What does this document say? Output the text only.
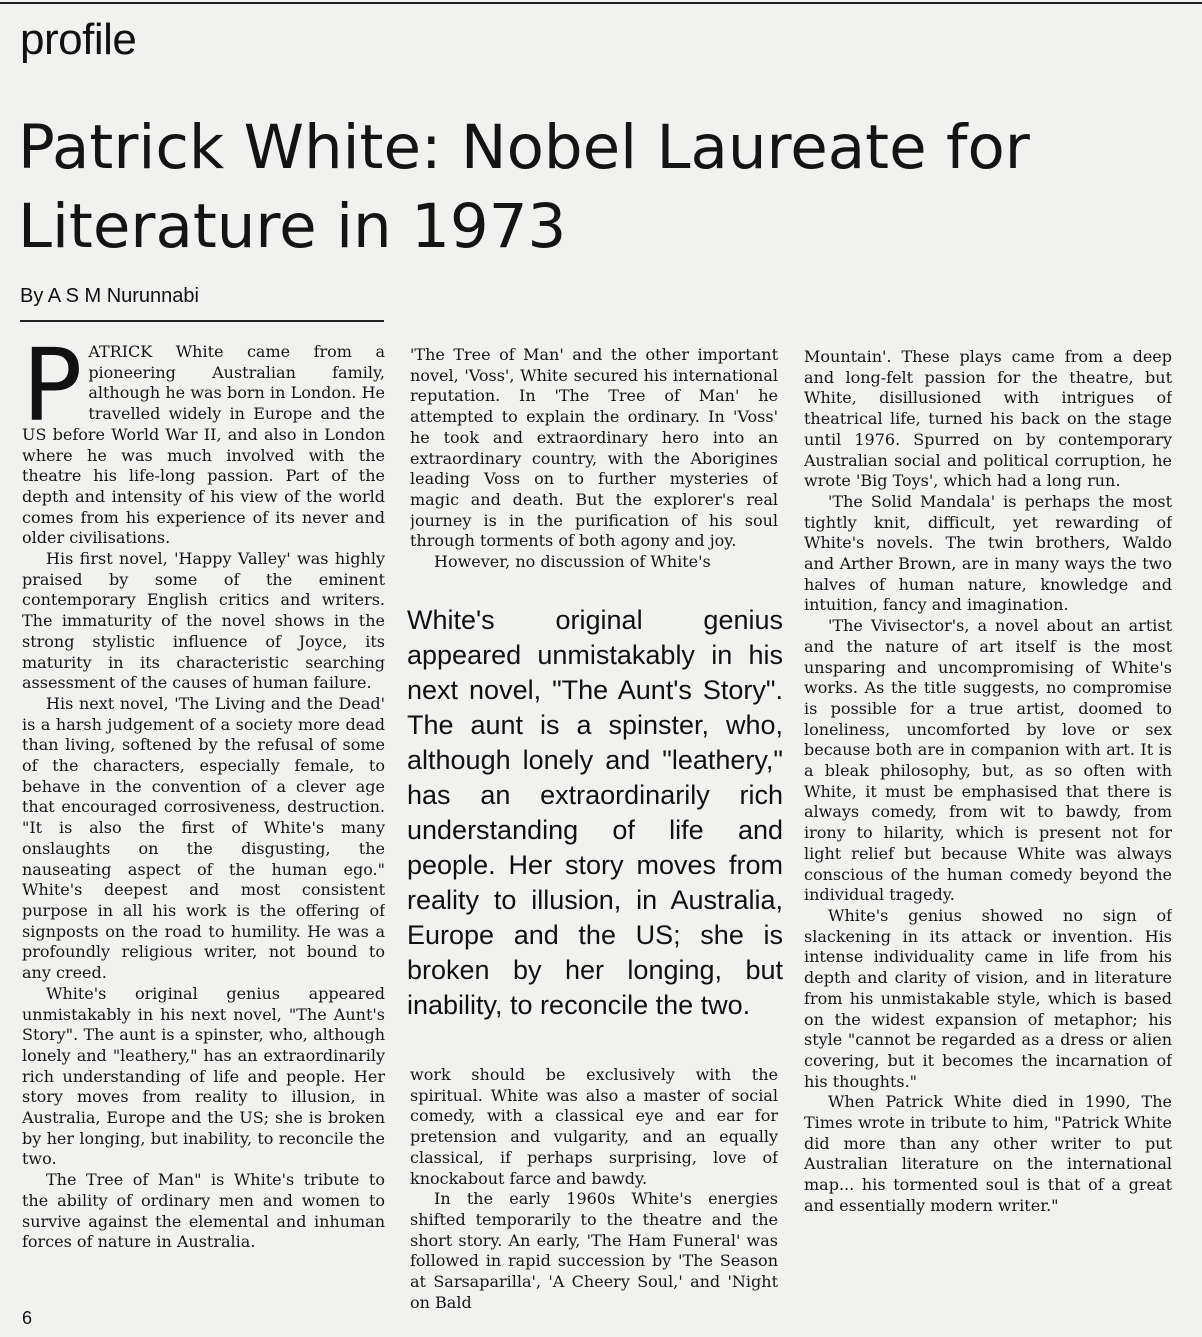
profile
Patrick White: Nobel Laureate for Literature in 1973
By A S M Nurunnabi

PATRICK White came from a pioneering Australian family, although he was born in London. He travelled widely in Europe and the US before World War II, and also in London where he was much involved with the theatre his life-long passion. Part of the depth and intensity of his view of the world comes from his experience of its never and older civilisations.

His first novel, 'Happy Valley' was highly praised by some of the eminent contemporary English critics and writers. The immaturity of the novel shows in the strong stylistic influence of Joyce, its maturity in its characteristic searching assessment of the causes of human failure.

His next novel, 'The Living and the Dead' is a harsh judgement of a society more dead than living, softened by the refusal of some of the characters, especially female, to behave in the convention of a clever age that encouraged corrosiveness, destruction. "It is also the first of White's many onslaughts on the disgusting, the nauseating aspect of the human ego." White's deepest and most consistent purpose in all his work is the offering of signposts on the road to humility. He was a profoundly religious writer, not bound to any creed.

White's original genius appeared unmistakably in his next novel, "The Aunt's Story". The aunt is a spinster, who, although lonely and "leathery," has an extraordinarily rich understanding of life and people. Her story moves from reality to illusion, in Australia, Europe and the US; she is broken by her longing, but inability, to reconcile the two.

The Tree of Man" is White's tribute to the ability of ordinary men and women to survive against the elemental and inhuman forces of nature in Australia.

'The Tree of Man' and the other important novel, 'Voss', White secured his international reputation. In 'The Tree of Man' he attempted to explain the ordinary. In 'Voss' he took and extraordinary hero into an extraordinary country, with the Aborigines leading Voss on to further mysteries of magic and death. But the explorer's real journey is in the purification of his soul through torments of both agony and joy.

However, no discussion of White's

White's original genius appeared unmistakably in his next novel, "The Aunt's Story". The aunt is a spinster, who, although lonely and "leathery," has an extraordinarily rich understanding of life and people. Her story moves from reality to illusion, in Australia, Europe and the US; she is broken by her longing, but inability, to reconcile the two.

work should be exclusively with the spiritual. White was also a master of social comedy, with a classical eye and ear for pretension and vulgarity, and an equally classical, if perhaps surprising, love of knockabout farce and bawdy.

In the early 1960s White's energies shifted temporarily to the theatre and the short story. An early, 'The Ham Funeral' was followed in rapid succession by 'The Season at Sarsaparilla', 'A Cheery Soul,' and 'Night on Bald

Mountain'. These plays came from a deep and long-felt passion for the theatre, but White, disillusioned with intrigues of theatrical life, turned his back on the stage until 1976. Spurred on by contemporary Australian social and political corruption, he wrote 'Big Toys', which had a long run.

'The Solid Mandala' is perhaps the most tightly knit, difficult, yet rewarding of White's novels. The twin brothers, Waldo and Arther Brown, are in many ways the two halves of human nature, knowledge and intuition, fancy and imagination.

'The Vivisector's, a novel about an artist and the nature of art itself is the most unsparing and uncompromising of White's works. As the title suggests, no compromise is possible for a true artist, doomed to loneliness, uncomforted by love or sex because both are in companion with art. It is a bleak philosophy, but, as so often with White, it must be emphasised that there is always comedy, from wit to bawdy, from irony to hilarity, which is present not for light relief but because White was always conscious of the human comedy beyond the individual tragedy.

White's genius showed no sign of slackening in its attack or invention. His intense individuality came in life from his depth and clarity of vision, and in literature from his unmistakable style, which is based on the widest expansion of metaphor; his style "cannot be regarded as a dress or alien covering, but it becomes the incarnation of his thoughts."

When Patrick White died in 1990, The Times wrote in tribute to him, "Patrick White did more than any other writer to put Australian literature on the international map... his tormented soul is that of a great and essentially modern writer."

6
